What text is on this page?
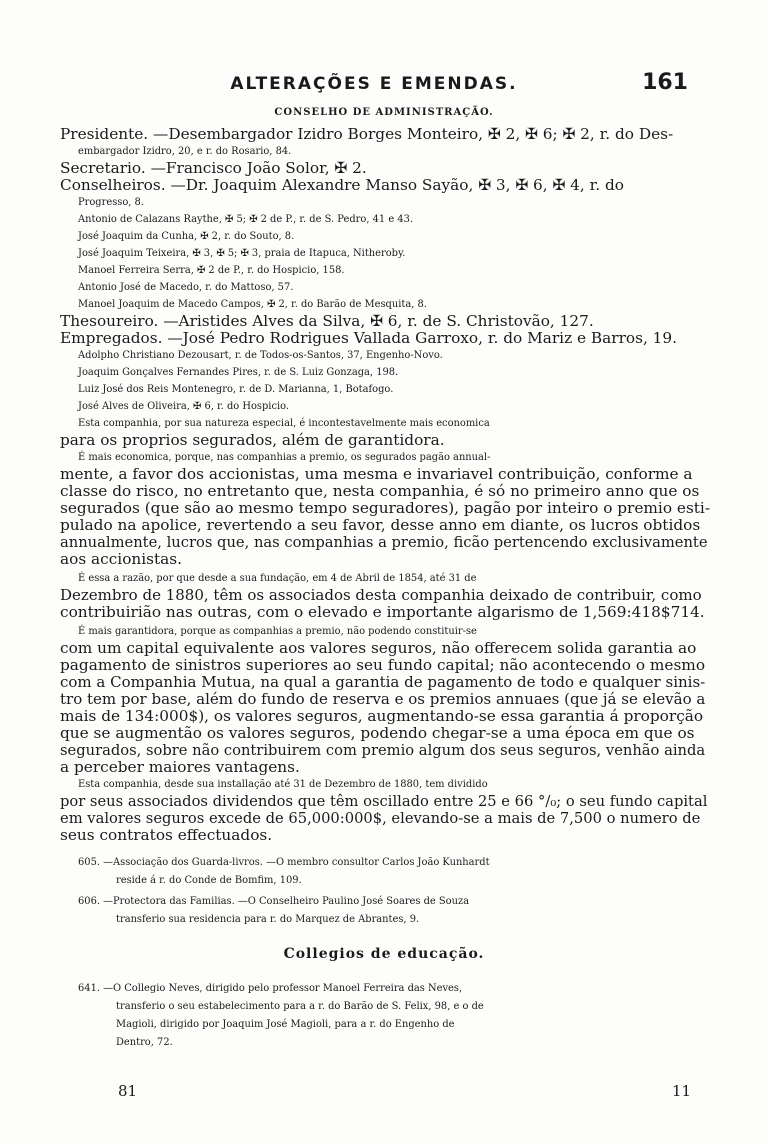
ALTERAÇÕES E EMENDAS.	161
CONSELHO DE ADMINISTRAÇÃO.
Presidente. —Desembargador Izidro Borges Monteiro, ✠ 2, ✠ 6; ✠ 2, r. do Des-
embargador Izidro, 20, e r. do Rosario, 84.
Secretario. —Francisco João Solor, ✠ 2.
Conselheiros. —Dr. Joaquim Alexandre Manso Sayão, ✠ 3, ✠ 6, ✠ 4, r. do
Progresso, 8.
Antonio de Calazans Raythe, ✠ 5; ✠ 2 de P., r. de S. Pedro, 41 e 43.
José Joaquim da Cunha, ✠ 2, r. do Souto, 8.
José Joaquim Teixeira, ✠ 3, ✠ 5; ✠ 3, praia de Itapuca, Nitheroby.
Manoel Ferreira Serra, ✠ 2 de P., r. do Hospicio, 158.
Antonio José de Macedo, r. do Mattoso, 57.
Manoel Joaquim de Macedo Campos, ✠ 2, r. do Barão de Mesquita, 8.
Thesoureiro. —Aristides Alves da Silva, ✠ 6, r. de S. Christovão, 127.
Empregados. —José Pedro Rodrigues Vallada Garroxo, r. do Mariz e Barros, 19.
Adolpho Christiano Dezousart, r. de Todos-os-Santos, 37, Engenho-Novo.
Joaquim Gonçalves Fernandes Pires, r. de S. Luiz Gonzaga, 198.
Luiz José dos Reis Montenegro, r. de D. Marianna, 1, Botafogo.
José Alves de Oliveira, ✠ 6, r. do Hospicio.
Esta companhia, por sua natureza especial, é incontestavelmente mais economica
para os proprios segurados, além de garantidora.
É mais economica, porque, nas companhias a premio, os segurados pagão annual-
mente, a favor dos accionistas, uma mesma e invariavel contribuição, conforme a
classe do risco, no entretanto que, nesta companhia, é só no primeiro anno que os
segurados (que são ao mesmo tempo seguradores), pagão por inteiro o premio esti-
pulado na apolice, revertendo a seu favor, desse anno em diante, os lucros obtidos
annualmente, lucros que, nas companhias a premio, ficão pertencendo exclusivamente
aos accionistas.
É essa a razão, por que desde a sua fundação, em 4 de Abril de 1854, até 31 de
Dezembro de 1880, têm os associados desta companhia deixado de contribuir, como
contribuirião nas outras, com o elevado e importante algarismo de 1,569:418$714.
É mais garantidora, porque as companhias a premio, não podendo constituir-se
com um capital equivalente aos valores seguros, não offerecem solida garantia ao
pagamento de sinistros superiores ao seu fundo capital; não acontecendo o mesmo
com a Companhia Mutua, na qual a garantia de pagamento de todo e qualquer sinis-
tro tem por base, além do fundo de reserva e os premios annuaes (que já se elevão a
mais de 134:000$), os valores seguros, augmentando-se essa garantia á proporção
que se augmentão os valores seguros, podendo chegar-se a uma época em que os
segurados, sobre não contribuirem com premio algum dos seus seguros, venhão ainda
a perceber maiores vantagens.
Esta companhia, desde sua installação até 31 de Dezembro de 1880, tem dividido
por seus associados dividendos que têm oscillado entre 25 e 66 °/₀; o seu fundo capital
em valores seguros excede de 65,000:000$, elevando-se a mais de 7,500 o numero de
seus contratos effectuados.
605. —Associação dos Guarda-livros. —O membro consultor Carlos João Kunhardt
reside á r. do Conde de Bomfim, 109.
606. —Protectora das Familias. —O Conselheiro Paulino José Soares de Souza
transferio sua residencia para r. do Marquez de Abrantes, 9.
Collegios de educação.
641. —O Collegio Neves, dirigido pelo professor Manoel Ferreira das Neves,
transferio o seu estabelecimento para a r. do Barão de S. Felix, 98, e o de
Magioli, dirigido por Joaquim José Magioli, para a r. do Engenho de
Dentro, 72.
81	11
